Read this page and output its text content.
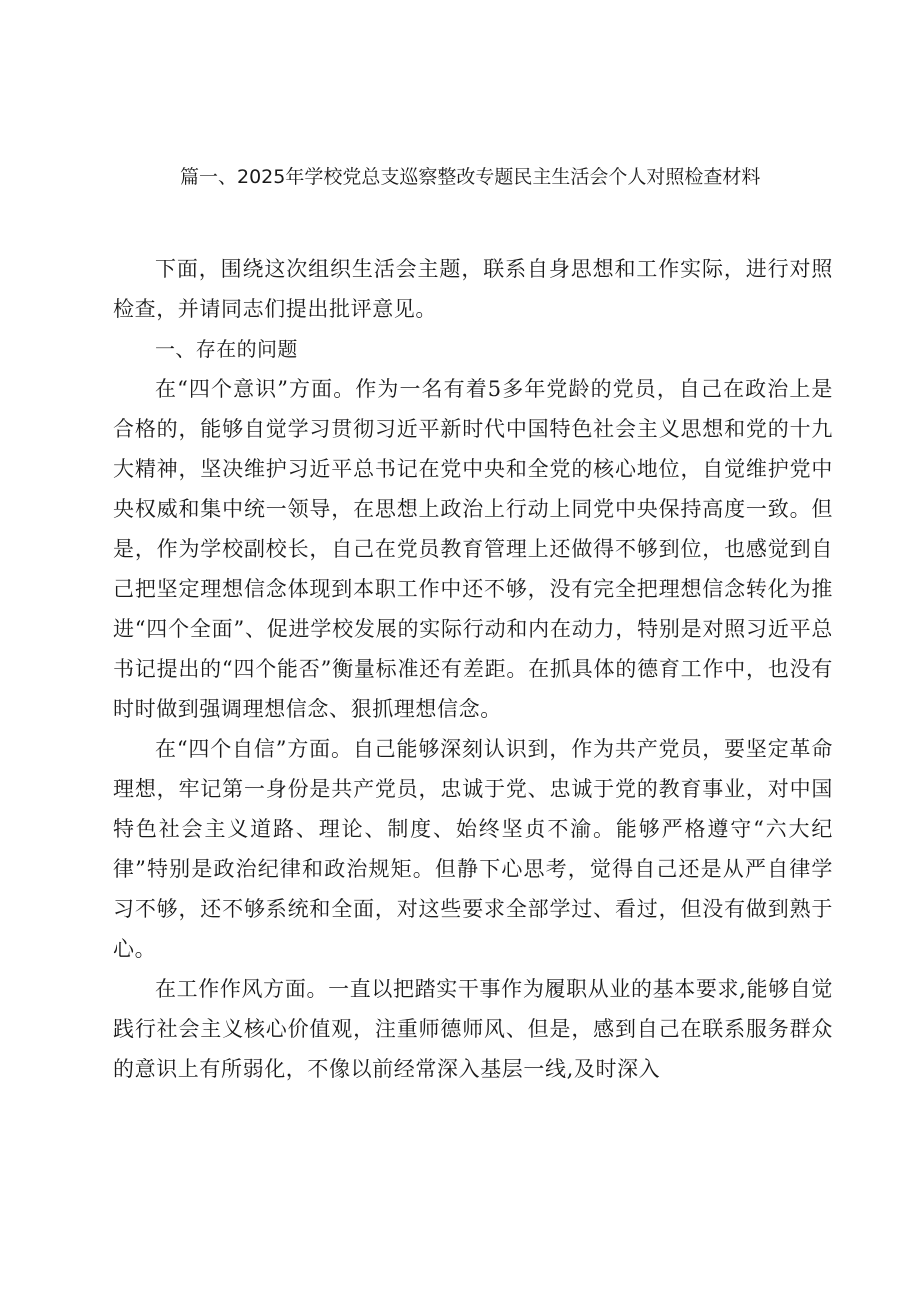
篇一、2025年学校党总支巡察整改专题民主生活会个人对照检查材料

下面，围绕这次组织生活会主题，联系自身思想和工作实际，进行对照检查，并请同志们提出批评意见。

一、存在的问题

在“四个意识”方面。作为一名有着5多年党龄的党员，自己在政治上是合格的，能够自觉学习贯彻习近平新时代中国特色社会主义思想和党的十九大精神，坚决维护习近平总书记在党中央和全党的核心地位，自觉维护党中央权威和集中统一领导，在思想上政治上行动上同党中央保持高度一致。但是，作为学校副校长，自己在党员教育管理上还做得不够到位，也感觉到自己把坚定理想信念体现到本职工作中还不够，没有完全把理想信念转化为推进“四个全面”、促进学校发展的实际行动和内在动力，特别是对照习近平总书记提出的“四个能否”衡量标准还有差距。在抓具体的德育工作中，也没有时时做到强调理想信念、狠抓理想信念。

在“四个自信”方面。自己能够深刻认识到，作为共产党员，要坚定革命理想，牢记第一身份是共产党员，忠诚于党、忠诚于党的教育事业，对中国特色社会主义道路、理论、制度、始终坚贞不渝。能够严格遵守“六大纪律”特别是政治纪律和政治规矩。但静下心思考，觉得自己还是从严自律学习不够，还不够系统和全面，对这些要求全部学过、看过，但没有做到熟于心。

在工作作风方面。一直以把踏实干事作为履职从业的基本要求,能够自觉践行社会主义核心价值观，注重师德师风、但是，感到自己在联系服务群众的意识上有所弱化，不像以前经常深入基层一线,及时深入
